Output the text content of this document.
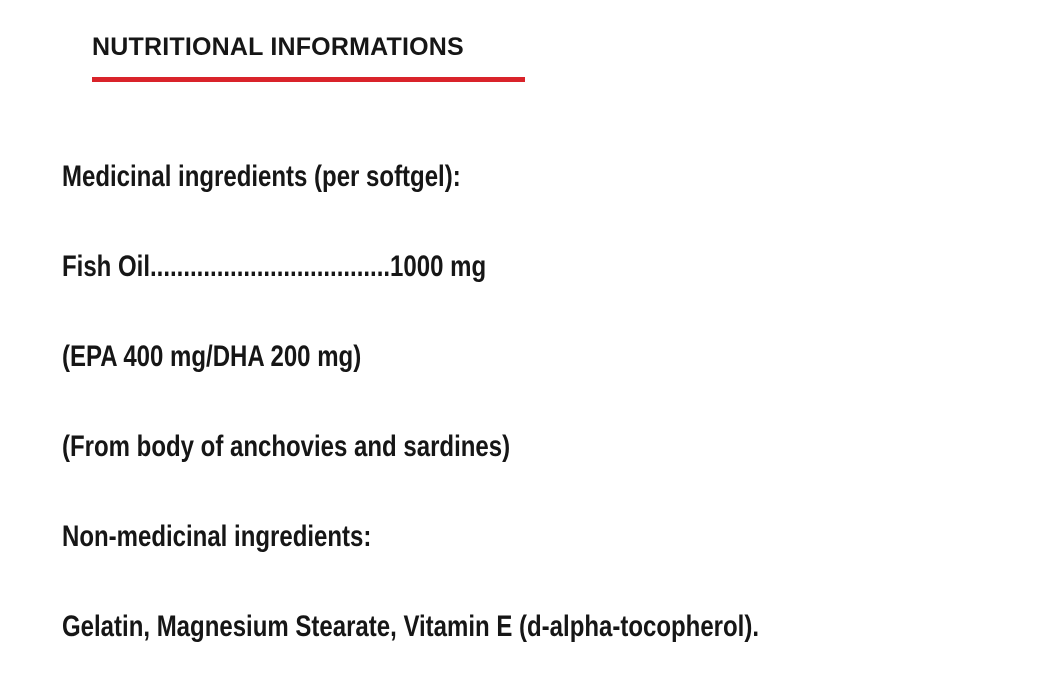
NUTRITIONAL INFORMATIONS

Medicinal ingredients (per softgel):

Fish Oil....................................1000 mg

(EPA 400 mg/DHA 200 mg)

(From body of anchovies and sardines)

Non-medicinal ingredients:

Gelatin, Magnesium Stearate, Vitamin E (d-alpha-tocopherol).
